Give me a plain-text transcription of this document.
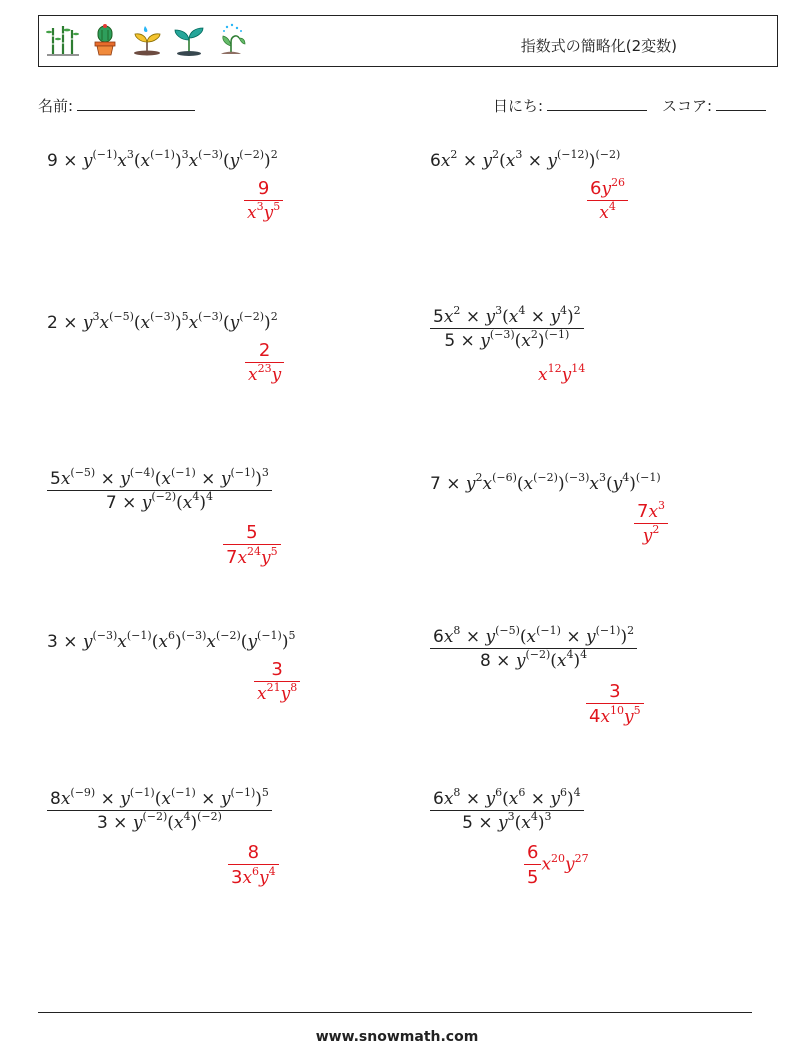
指数式の簡略化(2変数)
名前:	日にち:	スコア:
$9 \times y^{(-1)}x^3(x^{(-1)})^3x^{(-3)}(y^{(-2)})^2$
$\frac{9}{x^3y^5}$
$6x^2 \times y^2(x^3 \times y^{(-12)})^{(-2)}$
$\frac{6y^{26}}{x^4}$
$2 \times y^3x^{(-5)}(x^{(-3)})^5x^{(-3)}(y^{(-2)})^2$
$\frac{2}{x^{23}y}$
$\frac{5x^2 \times y^3(x^4 \times y^4)^2}{5 \times y^{(-3)}(x^2)^{(-1)}}$
$x^{12}y^{14}$
$\frac{5x^{(-5)} \times y^{(-4)}(x^{(-1)} \times y^{(-1)})^3}{7 \times y^{(-2)}(x^4)^4}$
$\frac{5}{7x^{24}y^5}$
$7 \times y^2x^{(-6)}(x^{(-2)})^{(-3)}x^3(y^4)^{(-1)}$
$\frac{7x^3}{y^2}$
$3 \times y^{(-3)}x^{(-1)}(x^6)^{(-3)}x^{(-2)}(y^{(-1)})^5$
$\frac{3}{x^{21}y^8}$
$\frac{6x^8 \times y^{(-5)}(x^{(-1)} \times y^{(-1)})^2}{8 \times y^{(-2)}(x^4)^4}$
$\frac{3}{4x^{10}y^5}$
$\frac{8x^{(-9)} \times y^{(-1)}(x^{(-1)} \times y^{(-1)})^5}{3 \times y^{(-2)}(x^4)^{(-2)}}$
$\frac{8}{3x^6y^4}$
$\frac{6x^8 \times y^6(x^6 \times y^6)^4}{5 \times y^3(x^4)^3}$
$\frac{6}{5} x^{20}y^{27}$
www.snowmath.com
